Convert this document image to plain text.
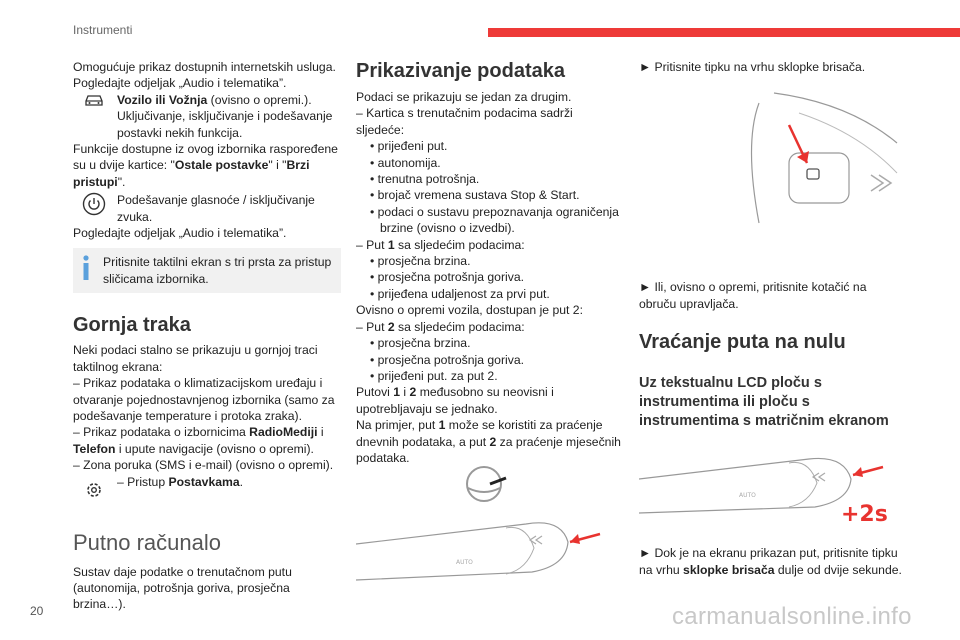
Instrumenti

Omogućuje prikaz dostupnih internetskih usluga.

Pogledajte odjeljak „Audio i telematika”.

Vozilo ili Vožnja (ovisno o opremi.). Uključivanje, isključivanje i podešavanje postavki nekih funkcija.

Funkcije dostupne iz ovog izbornika raspoređene su u dvije kartice: "Ostale postavke" i "Brzi pristupi".

Podešavanje glasnoće / isključivanje zvuka.

Pogledajte odjeljak „Audio i telematika”.

Pritisnite taktilni ekran s tri prsta za pristup sličicama izbornika.
Gornja traka

Neki podaci stalno se prikazuju u gornjoj traci taktilnog ekrana:

– Prikaz podataka o klimatizacijskom uređaju i otvaranje pojednostavnjenog izbornika (samo za podešavanje temperature i protoka zraka).

– Prikaz podataka o izbornicima RadioMediji i Telefon i upute navigacije (ovisno o opremi).

– Zona poruka (SMS i e-mail) (ovisno o opremi).

– Pristup Postavkama.
Putno računalo

Sustav daje podatke o trenutačnom putu (autonomija, potrošnja goriva, prosječna brzina…).

Prikazivanje podataka

Podaci se prikazuju se jedan za drugim.

– Kartica s trenutačnim podacima sadrži sljedeće:

• prijeđeni put.

• autonomija.

• trenutna potrošnja.

• brojač vremena sustava Stop & Start.

• podaci o sustavu prepoznavanja ograničenja brzine (ovisno o izvedbi).

– Put 1 sa sljedećim podacima:

• prosječna brzina.

• prosječna potrošnja goriva.

• prijeđena udaljenost za prvi put.

Ovisno o opremi vozila, dostupan je put 2:

– Put 2 sa sljedećim podacima:

• prosječna brzina.

• prosječna potrošnja goriva.

• prijeđeni put. za put 2.

Putovi 1 i 2 međusobno su neovisni i upotrebljavaju se jednako.

Na primjer, put 1 može se koristiti za praćenje dnevnih podataka, a put 2 za praćenje mjesečnih podataka.

AUTO

► Pritisnite tipku na vrhu sklopke brisača.

► Ili, ovisno o opremi, pritisnite kotačić na obruču upravljača.

Vraćanje puta na nulu
Uz tekstualnu LCD ploču s instrumentima ili ploču s instrumentima s matričnim ekranom
AUTO
+2s

► Dok je na ekranu prikazan put, pritisnite tipku na vrhu sklopke brisača dulje od dvije sekunde.

20	carmanualsonline.info
